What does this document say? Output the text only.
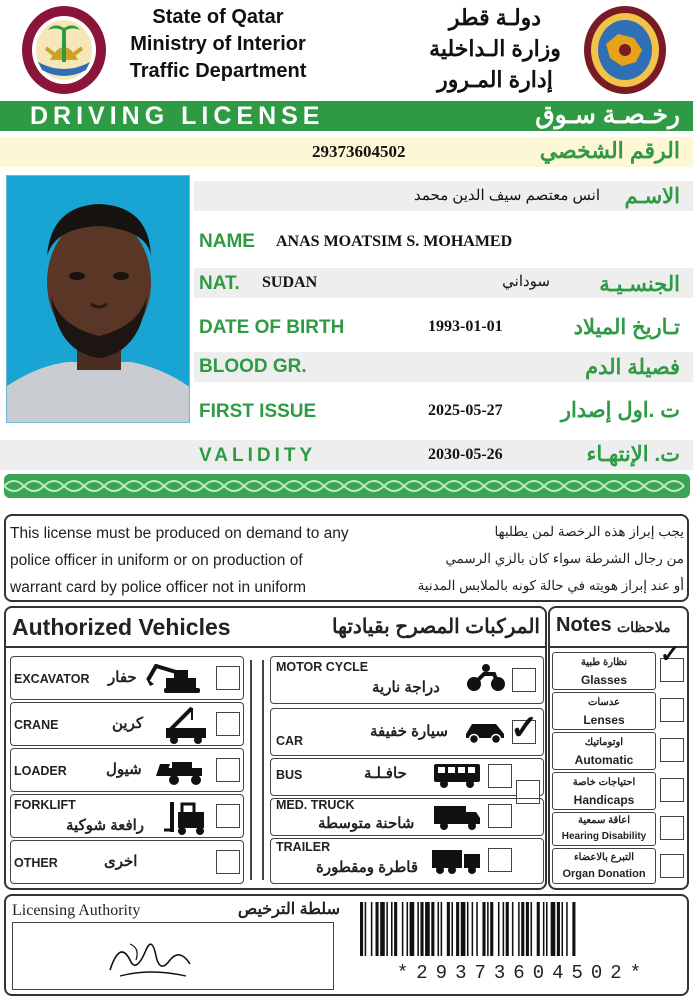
State of Qatar
Ministry of Interior
Traffic Department
دولـة قطر
وزارة الـداخلية
إدارة المـرور
DRIVING LICENSE	رخـصـة سـوق
29373604502	الرقم الشخصي
انس معتصم سيف الدين محمد	الاسـم
NAME ANAS MOATSIM S. MOHAMED
NAT. SUDAN	سوداني	الجنسـيـة
DATE OF BIRTH	1993-01-01	تـاريخ الميلاد
BLOOD GR.	فصيلة الدم
FIRST ISSUE	2025-05-27	ت .اول إصدار
VALIDITY	2030-05-26	ت. الإنتهـاء
This license must be produced on demand to any
police officer in uniform or on production of
warrant card by police officer not in uniform
يجب إبراز هذه الرخصة لمن يطلبها
من رجال الشرطة سواء كان بالزي الرسمي
أو عند إبراز هويته في حالة كونه بالملابس المدنية
Authorized Vehicles	المركبات المصرح بقيادتها Notes ملاحظات
EXCAVATOR حفار
CRANE	كرين
LOADER	شيول
FORKLIFT
رافعة شوكية
OTHER	اخرى
MOTOR CYCLE
دراجة نارية
CAR
سيارة خفيفة ✓
BUS	حافـلـة
MED. TRUCK
شاحنة متوسطة
TRAILER
قاطرة ومقطورة
نظارة طبية
Glasses
✓
عدسات
Lenses
اوتوماتيك
Automatic
احتياجات خاصة
Handicaps
اعاقة سمعية
Hearing Disability
التبرع بالاعضاء
Organ Donation
Licensing Authority	سلطة الترخيص
*29373604502*
